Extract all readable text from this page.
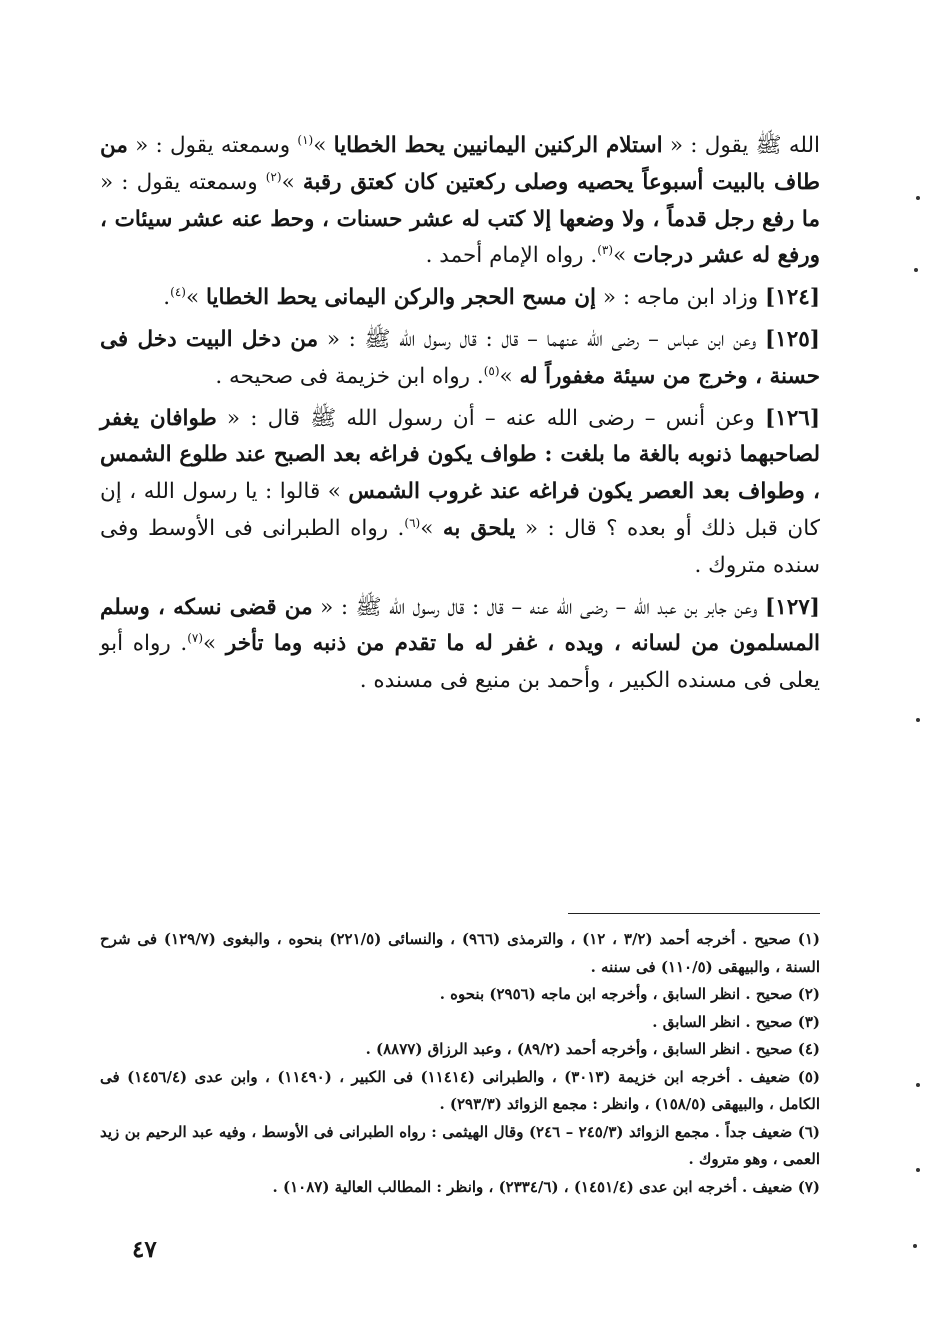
الله ﷺ يقول : « استلام الركنين اليمانيين يحط الخطايا »$^{(١)}$ وسمعته يقول : « من طاف بالبيت أسبوعاً يحصيه وصلى ركعتين كان كعتق رقبة »$^{(٢)}$ وسمعته يقول : « ما رفع رجل قدماً ، ولا وضعها إلا كتب له عشر حسنات ، وحط عنه عشر سيئات ، ورفع له عشر درجات »$^{(٣)}$. رواه الإمام أحمد .

[١٢٤] وزاد ابن ماجه : « إن مسح الحجر والركن اليمانى يحط الخطايا »$^{(٤)}$.

[١٢٥] وعن ابن عباس – رضى الله عنهما – قال : قال رسول الله ﷺ : « من دخل البيت دخل فى حسنة ، وخرج من سيئة مغفوراً له »$^{(٥)}$. رواه ابن خزيمة فى صحيحه .

[١٢٦] وعن أنس – رضى الله عنه – أن رسول الله ﷺ قال : « طوافان يغفر لصاحبهما ذنوبه بالغة ما بلغت : طواف يكون فراغه بعد الصبح عند طلوع الشمس ، وطواف بعد العصر يكون فراغه عند غروب الشمس » قالوا : يا رسول الله ، إن كان قبل ذلك أو بعده ؟ قال : « يلحق به »$^{(٦)}$. رواه الطبرانى فى الأوسط وفى سنده متروك .

[١٢٧] وعن جابر بن عبد الله – رضى الله عنه – قال : قال رسول الله ﷺ : « من قضى نسكه ، وسلم المسلمون من لسانه ، ويده ، غفر له ما تقدم من ذنبه وما تأخر »$^{(٧)}$. رواه أبو يعلى فى مسنده الكبير ، وأحمد بن منيع فى مسنده .

(١) صحيح . أخرجه أحمد (٣/٢ ، ١٢) ، والترمذى (٩٦٦) ، والنسائى (٢٢١/٥) بنحوه ، والبغوى (١٢٩/٧) فى شرح السنة ، والبيهقى (١١٠/٥) فى سننه .

(٢) صحيح . انظر السابق ، وأخرجه ابن ماجه (٢٩٥٦) بنحوه .

(٣) صحيح . انظر السابق .

(٤) صحيح . انظر السابق ، وأخرجه أحمد (٨٩/٢) ، وعبد الرزاق (٨٨٧٧) .

(٥) ضعيف . أخرجه ابن خزيمة (٣٠١٣) ، والطبرانى (١١٤١٤) فى الكبير ، (١١٤٩٠) ، وابن عدى (١٤٥٦/٤) فى الكامل ، والبيهقى (١٥٨/٥) ، وانظر : مجمع الزوائد (٢٩٣/٣) .

(٦) ضعيف جداً . مجمع الزوائد (٢٤٥/٣ – ٢٤٦) وقال الهيثمى : رواه الطبرانى فى الأوسط ، وفيه عبد الرحيم بن زيد العمى ، وهو متروك .

(٧) ضعيف . أخرجه ابن عدى (١٤٥١/٤) ، (٢٣٣٤/٦) ، وانظر : المطالب العالية (١٠٨٧) .

٤٧
